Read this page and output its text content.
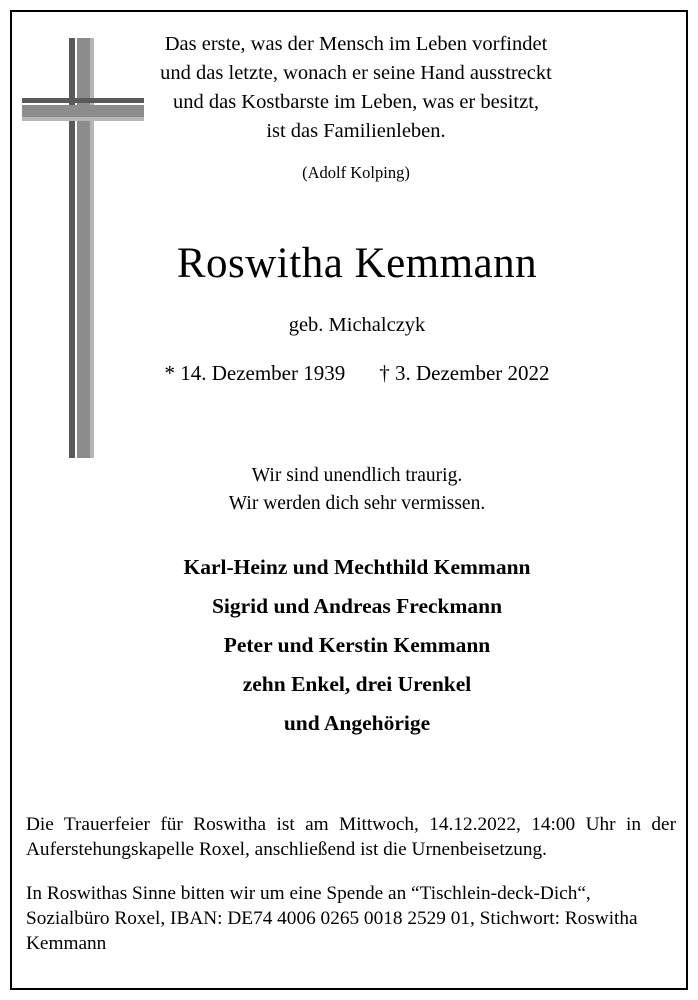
Das erste, was der Mensch im Leben vorfindet
und das letzte, wonach er seine Hand ausstreckt
und das Kostbarste im Leben, was er besitzt,
ist das Familienleben.
(Adolf Kolping)
Roswitha Kemmann
geb. Michalczyk
* 14. Dezember 1939 † 3. Dezember 2022
Wir sind unendlich traurig.
Wir werden dich sehr vermissen.
Karl-Heinz und Mechthild Kemmann
Sigrid und Andreas Freckmann
Peter und Kerstin Kemmann
zehn Enkel, drei Urenkel
und Angehörige

Die Trauerfeier für Roswitha ist am Mittwoch, 14.12.2022, 14:00 Uhr in der Auferstehungskapelle Roxel, anschließend ist die Urnenbeisetzung.

In Roswithas Sinne bitten wir um eine Spende an “Tischlein-deck-Dich“, Sozialbüro Roxel, IBAN: DE74 4006 0265 0018 2529 01, Stichwort: Roswitha Kemmann
